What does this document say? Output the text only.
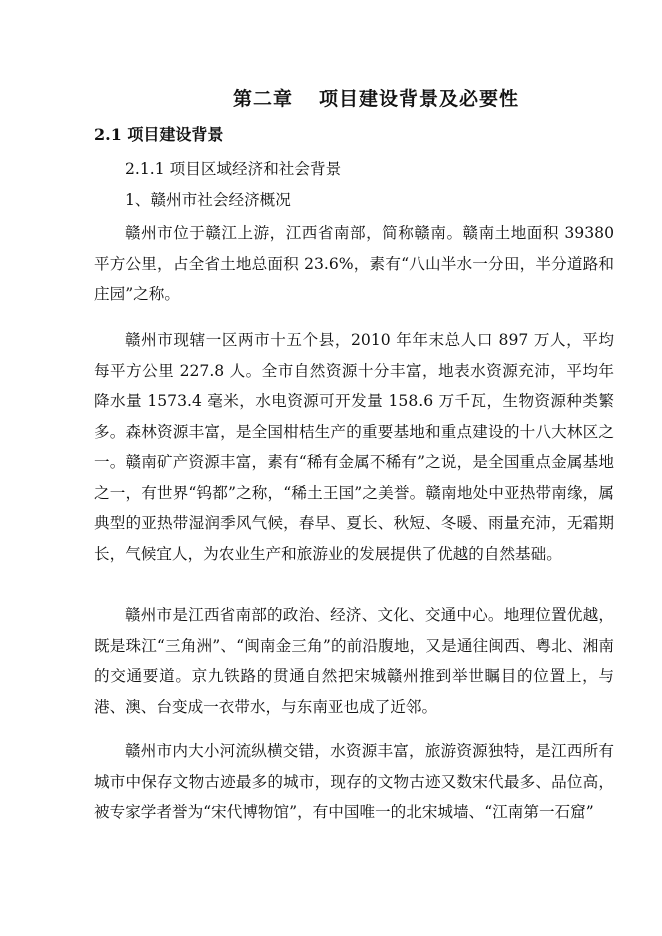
第二章 项目建设背景及必要性
2.1 项目建设背景
2.1.1 项目区域经济和社会背景
1、赣州市社会经济概况

赣州市位于赣江上游，江西省南部，简称赣南。赣南土地面积 39380 平方公里，占全省土地总面积 23.6%，素有“八山半水一分田，半分道路和庄园”之称。

赣州市现辖一区两市十五个县，2010 年年末总人口 897 万人，平均每平方公里 227.8 人。全市自然资源十分丰富，地表水资源充沛，平均年降水量 1573.4 毫米，水电资源可开发量 158.6 万千瓦，生物资源种类繁多。森林资源丰富，是全国柑桔生产的重要基地和重点建设的十八大林区之一。赣南矿产资源丰富，素有“稀有金属不稀有”之说，是全国重点金属基地之一，有世界“钨都”之称，“稀土王国”之美誉。赣南地处中亚热带南缘，属典型的亚热带湿润季风气候，春早、夏长、秋短、冬暖、雨量充沛，无霜期长，气候宜人，为农业生产和旅游业的发展提供了优越的自然基础。

赣州市是江西省南部的政治、经济、文化、交通中心。地理位置优越，既是珠江“三角洲”、“闽南金三角”的前沿腹地，又是通往闽西、粤北、湘南的交通要道。京九铁路的贯通自然把宋城赣州推到举世瞩目的位置上，与港、澳、台变成一衣带水，与东南亚也成了近邻。

赣州市内大小河流纵横交错，水资源丰富，旅游资源独特，是江西所有城市中保存文物古迹最多的城市，现存的文物古迹又数宋代最多、品位高，被专家学者誉为“宋代博物馆”，有中国唯一的北宋城墙、“江南第一石窟”
